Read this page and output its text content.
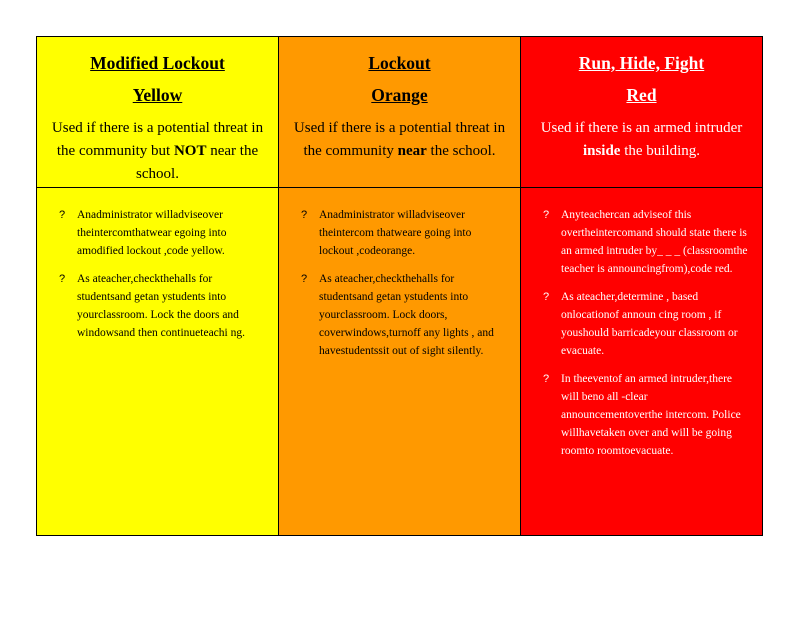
Modified Lockout
Yellow
Used if there is a potential threat in the community but NOT near the school.
Lockout
Orange
Used if there is a potential threat in the community near the school.
Run, Hide, Fight
Red
Used if there is an armed intruder inside the building.
?	Anadministrator willadviseover theintercomthatwear egoing into amodified lockout ,code yellow.
?	As ateacher,checkthehalls for studentsand getan ystudents into yourclassroom. Lock the doors and windowsand then continueteachi ng.
?	Anadministrator willadviseover theintercom thatweare going into lockout ,codeorange.
?	As ateacher,checkthehalls for studentsand getan ystudents into yourclassroom. Lock doors, coverwindows,turnoff any lights , and havestudentssit out of sight silently.
?	Anyteachercan adviseof this overtheintercomand should state there is an armed intruder by_ _ _ (classroomthe teacher is announcingfrom),code red.
?	As ateacher,determine , based onlocationof announ cing room , if youshould barricadeyour classroom or evacuate.
?	In theeventof an armed intruder,there will beno all -clear announcementoverthe intercom. Police willhavetaken over and will be going roomto roomtoevacuate.
